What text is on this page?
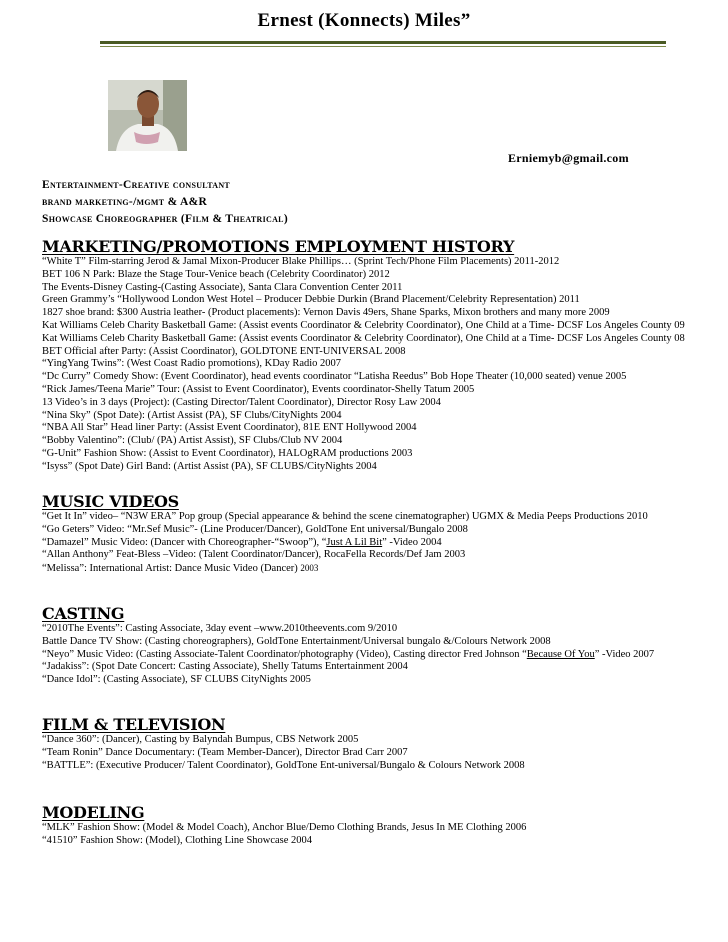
Ernest (Konnects) Miles”
Erniemyb@gmail.com
Entertainment-Creative consultant
brand marketing-/mgmt & A&R
Showcase Choreographer (Film & Theatrical)
MARKETING/PROMOTIONS EMPLOYMENT HISTORY
“White T” Film-starring Jerod & Jamal Mixon-Producer Blake Phillips… (Sprint Tech/Phone Film Placements) 2011-2012
BET 106 N Park: Blaze the Stage Tour-Venice beach (Celebrity Coordinator) 2012
The Events-Disney Casting-(Casting Associate), Santa Clara Convention Center 2011
Green Grammy’s “Hollywood London West Hotel – Producer Debbie Durkin (Brand Placement/Celebrity Representation) 2011
1827 shoe brand: $300 Austria leather- (Product placements): Vernon Davis 49ers, Shane Sparks, Mixon brothers and many more 2009
Kat Williams Celeb Charity Basketball Game: (Assist events Coordinator & Celebrity Coordinator), One Child at a Time- DCSF Los Angeles County 09
Kat Williams Celeb Charity Basketball Game: (Assist events Coordinator & Celebrity Coordinator), One Child at a Time- DCSF Los Angeles County 08
BET Official after Party: (Assist Coordinator), GOLDTONE ENT-UNIVERSAL 2008
“YingYang Twins”: (West Coast Radio promotions), KDay Radio 2007
“Dc Curry” Comedy Show: (Event Coordinator), head events coordinator “Latisha Reedus” Bob Hope Theater (10,000 seated) venue 2005
“Rick James/Teena Marie” Tour: (Assist to Event Coordinator), Events coordinator-Shelly Tatum 2005
13 Video’s in 3 days (Project): (Casting Director/Talent Coordinator), Director Rosy Law 2004
“Nina Sky” (Spot Date): (Artist Assist (PA), SF Clubs/CityNights 2004
“NBA All Star” Head liner Party: (Assist Event Coordinator), 81E ENT Hollywood 2004
“Bobby Valentino”: (Club/ (PA) Artist Assist), SF Clubs/Club NV 2004
“G-Unit” Fashion Show: (Assist to Event Coordinator), HALOgRAM productions 2003
“Isyss” (Spot Date) Girl Band: (Artist Assist (PA), SF CLUBS/CityNights 2004
MUSIC VIDEOS
“Get It In” video– “N3W ERA” Pop group (Special appearance & behind the scene cinematographer) UGMX & Media Peeps Productions 2010
“Go Geters” Video: “Mr.Sef Music”- (Line Producer/Dancer), GoldTone Ent universal/Bungalo 2008
“Damazel” Music Video: (Dancer with Choreographer-“Swoop”), “Just A Lil Bit” -Video 2004
“Allan Anthony” Feat-Bless –Video: (Talent Coordinator/Dancer), RocaFella Records/Def Jam 2003
“Melissa”: International Artist: Dance Music Video (Dancer) 2003
CASTING
“2010The Events”: Casting Associate, 3day event –www.2010theevents.com 9/2010
Battle Dance TV Show: (Casting choreographers), GoldTone Entertainment/Universal bungalo &/Colours Network 2008
“Neyo” Music Video: (Casting Associate-Talent Coordinator/photography (Video), Casting director Fred Johnson “Because Of You” -Video 2007
“Jadakiss”: (Spot Date Concert: Casting Associate), Shelly Tatums Entertainment 2004
“Dance Idol”: (Casting Associate), SF CLUBS CityNights 2005
FILM & TELEVISION
“Dance 360”: (Dancer), Casting by Balyndah Bumpus, CBS Network 2005
“Team Ronin” Dance Documentary: (Team Member-Dancer), Director Brad Carr 2007
“BATTLE”: (Executive Producer/ Talent Coordinator), GoldTone Ent-universal/Bungalo & Colours Network 2008
MODELING
“MLK” Fashion Show: (Model & Model Coach), Anchor Blue/Demo Clothing Brands, Jesus In ME Clothing 2006
“41510” Fashion Show: (Model), Clothing Line Showcase 2004
